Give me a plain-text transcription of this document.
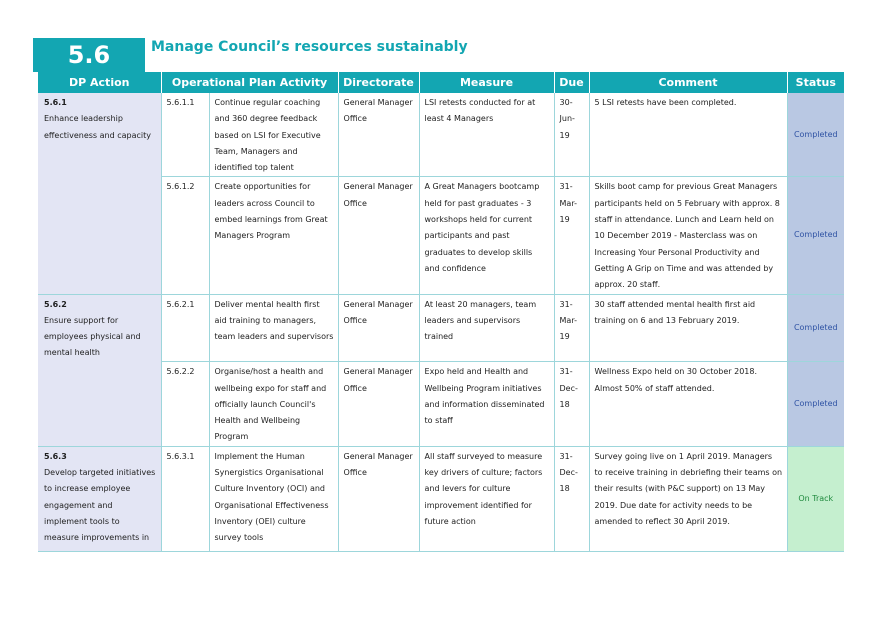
5.6	Manage Council’s resources sustainably
DP Action	Operational Plan Activity		Directorate	Measure	Due	Comment	Status

5.6.1
Enhance leadership effectiveness and capacity	5.6.1.1	Continue regular coaching and 360 degree feedback based on LSI for Executive Team, Managers and identified top talent	General Manager Office	LSI retests conducted for at least 4 Managers	30-Jun-19	5 LSI retests have been completed.	Completed
	5.6.1.2	Create opportunities for leaders across Council to embed learnings from Great Managers Program	General Manager Office	A Great Managers bootcamp held for past graduates - 3 workshops held for current participants and past graduates to develop skills and confidence	31-Mar-19	Skills boot camp for previous Great Managers participants held on 5 February with approx. 8 staff in attendance. Lunch and Learn held on 10 December 2019 - Masterclass was on Increasing Your Personal Productivity and Getting A Grip on Time and was attended by approx. 20 staff.	Completed

5.6.2
Ensure support for employees physical and mental health	5.6.2.1	Deliver mental health first aid training to managers, team leaders and supervisors	General Manager Office	At least 20 managers, team leaders and supervisors trained	31-Mar-19	30 staff attended mental health first aid training on 6 and 13 February 2019.	Completed
	5.6.2.2	Organise/host a health and wellbeing expo for staff and officially launch Council's Health and Wellbeing Program	General Manager Office	Expo held and Health and Wellbeing Program initiatives and information disseminated to staff	31-Dec-18	Wellness Expo held on 30 October 2018. Almost 50% of staff attended.	Completed

5.6.3
Develop targeted initiatives to increase employee engagement and implement tools to measure improvements in	5.6.3.1	Implement the Human Synergistics Organisational Culture Inventory (OCI) and Organisational Effectiveness Inventory (OEI) culture survey tools	General Manager Office	All staff surveyed to measure key drivers of culture; factors and levers for culture improvement identified for future action	31-Dec-18	Survey going live on 1 April 2019. Managers to receive training in debriefing their teams on their results (with P&C support) on 13 May 2019. Due date for activity needs to be amended to reflect 30 April 2019.	On Track
